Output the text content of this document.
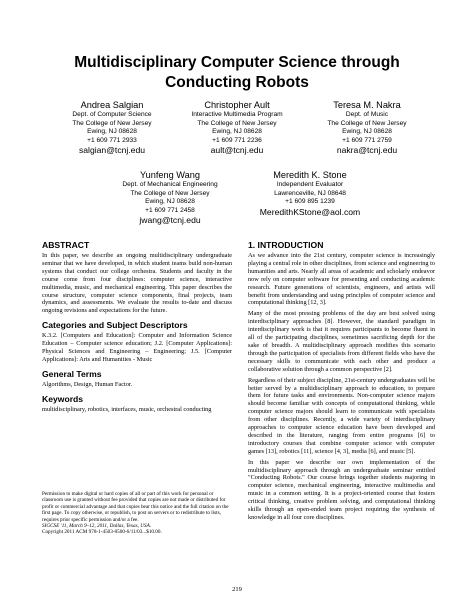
Multidisciplinary Computer Science through
Conducting Robots
Andrea Salgian
Dept. of Computer Science
The College of New Jersey
Ewing, NJ 08628
+1 609 771 2933
salgian@tcnj.edu
Christopher Ault
Interactive Multimedia Program
The College of New Jersey
Ewing, NJ 08628
+1 609 771 2236
ault@tcnj.edu
Teresa M. Nakra
Dept. of Music
The College of New Jersey
Ewing, NJ 08628
+1 609 771 2759
nakra@tcnj.edu
Yunfeng Wang
Dept. of Mechanical Engineering
The College of New Jersey
Ewing, NJ 08628
+1 609 771 2458
jwang@tcnj.edu
Meredith K. Stone
Independent Evaluator
Lawrenceville, NJ 08648
+1 609 895 1239
MeredithKStone@aol.com
ABSTRACT

In this paper, we describe an ongoing multidisciplinary undergraduate seminar that we have developed, in which student teams build non-human systems that conduct our college orchestra. Students and faculty in the course come from four disciplines: computer science, interactive multimedia, music, and mechanical engineering. This paper describes the course structure, computer science components, final projects, team dynamics, and assessments. We evaluate the results to-date and discuss ongoing revisions and expectations for the future.

Categories and Subject Descriptors

K.3.2. [Computers and Education]: Computer and Information Science Education – Computer science education; J.2. [Computer Applications]: Physical Sciences and Engineering – Engineering; J.5. [Computer Applications]: Arts and Humanities - Music

General Terms

Algorithms, Design, Human Factor.

Keywords

multidisciplinary, robotics, interfaces, music, orchestral conducting

Permission to make digital or hard copies of all or part of this work for personal or classroom use is granted without fee provided that copies are not made or distributed for profit or commercial advantage and that copies bear this notice and the full citation on the first page. To copy otherwise, or republish, to post on servers or to redistribute to lists, requires prior specific permission and/or a fee.
SIGCSE '11, March 9–12, 2011, Dallas, Texas, USA.
Copyright 2011 ACM 978-1-4503-0500-6/11/03...$10.00.
1. INTRODUCTION

As we advance into the 21st century, computer science is increasingly playing a central role in other disciplines, from science and engineering to humanities and arts. Nearly all areas of academic and scholarly endeavor now rely on computer software for presenting and conducting academic research. Future generations of scientists, engineers, and artists will benefit from understanding and using principles of computer science and computational thinking [12, 3].

Many of the most pressing problems of the day are best solved using interdisciplinary approaches [8]. However, the standard paradigm in interdisciplinary work is that it requires participants to become fluent in all of the participating disciplines, sometimes sacrificing depth for the sake of breadth. A multidisciplinary approach modifies this scenario through the participation of specialists from different fields who have the necessary skills to communicate with each other and produce a collaborative solution through a common perspective [2].

Regardless of their subject discipline, 21st-century undergraduates will be better served by a multidisciplinary approach to education, to prepare them for future tasks and environments. Non-computer science majors should become familiar with concepts of computational thinking, while computer science majors should learn to communicate with specialists from other disciplines. Recently, a wide variety of interdisciplinary approaches to computer science education have been developed and described in the literature, ranging from entire programs [6] to introductory courses that combine computer science with computer games [13], robotics [11], science [4, 3], media [6], and music [5].

In this paper we describe our own implementation of the multidisciplinary approach through an undergraduate seminar entitled "Conducting Robots." Our course brings together students majoring in computer science, mechanical engineering, interactive multimedia and music in a common setting. It is a project-oriented course that fosters critical thinking, creative problem solving, and computational thinking skills through an open-ended team project requiring the synthesis of knowledge in all four core disciplines.

219
